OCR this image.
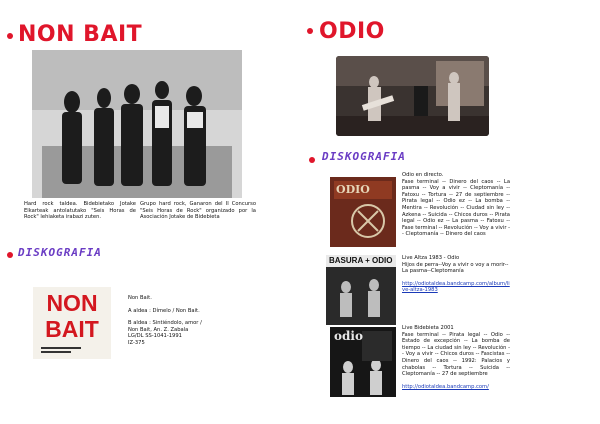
NON BAIT
Hard rock taldea. Bidebietako Jotake Elkarteak antolatutako "Seis Horas de Rock" lehiaketa irabazi zuten.
Grupo hard rock, Ganaron del II Concurso "Seis Horas de Rock" organizado por la Asociación Jotake de Bidebieta
DISKOGRAFIA
NON
BAIT
Non Bait.
A aldea : Dímelo / Non Bait.
B aldea : Sintiéndolo, amor /
Non Bait, An. Z. Zabala
LG/DL SS-1041-1991
IZ-375
ODIO
DISKOGRAFIA
ODIO
Odio en directo.
Fase terminal -- Dinero del caos -- La pasma -- Voy a vivir -- Cleptomanía -- Fatoxu -- Tortura -- 27 de septiembre -- Pirata legal -- Odio ez -- La bomba -- Mentira -- Revolución -- Ciudad sin ley -- Azkena -- Suicida -- Chicos duros -- Pirata legal -- Odio ez -- La pasma -- Fatoxu -- Fase terminal -- Revolución -- Voy a vivir -- Cleptomanía -- Dinero del caos
BASURA + ODIO Live Altza 1983 - Odio
Hijos de perra--Voy a vivir o voy a morir--La pasma--Cleptomanía
http://odiotaldea.bandcamp.com/album/live-altza-1983
odio
Live Bidebieta 2001
Fase terminal -- Pirata legal -- Odio -- Estado de excepción -- La bomba de tiempo -- La ciudad sin ley -- Revolución -- Voy a vivir -- Chicos duros -- Fascistas -- Dinero del caos -- 1992: Palacios y chabolas -- Tortura -- Suicida -- Cleptomanía -- 27 de septiembre
http://odiotaldea.bandcamp.com/
